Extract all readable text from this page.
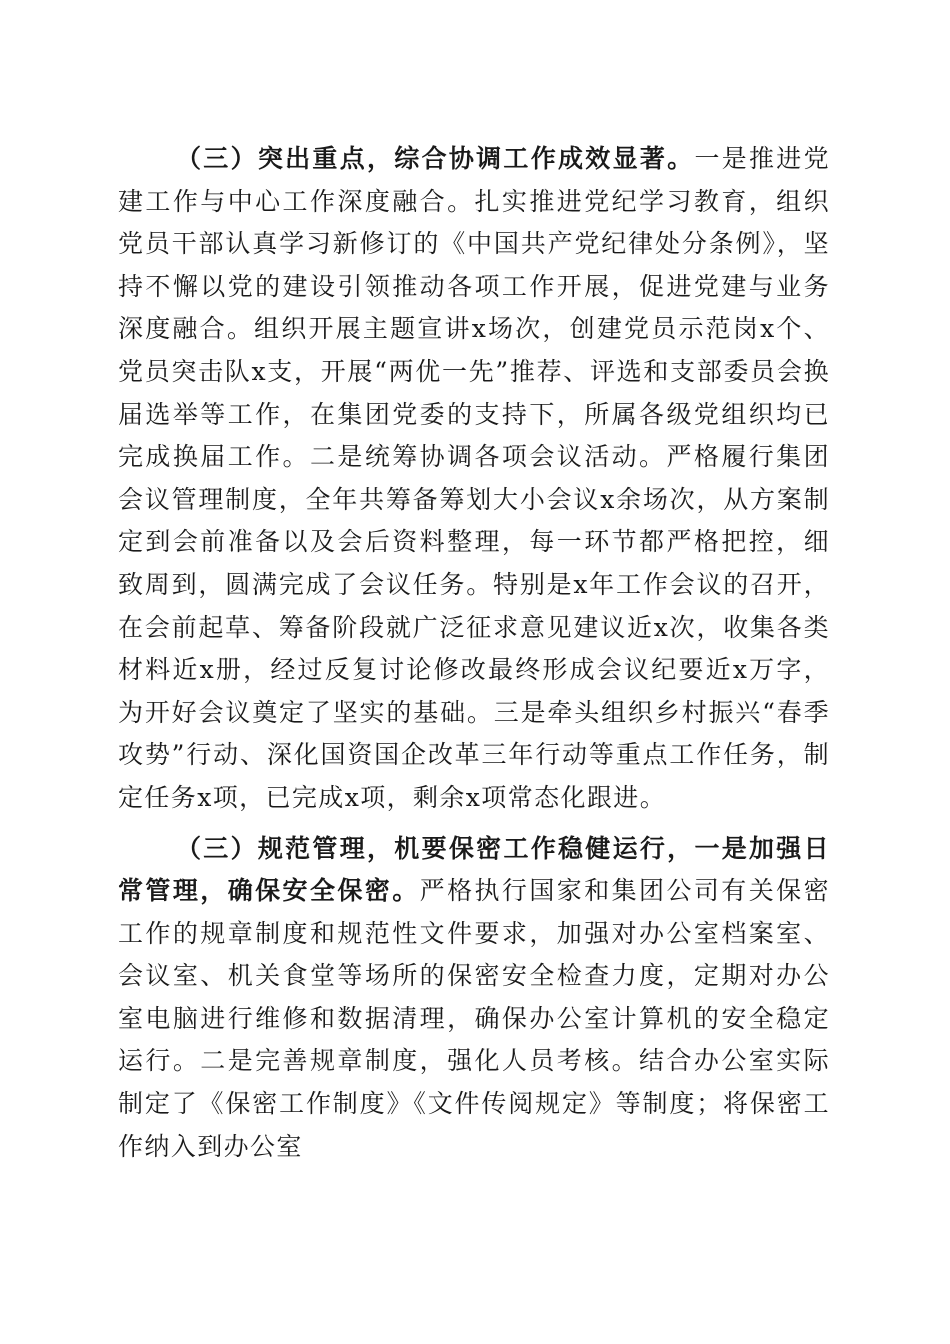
（三）突出重点，综合协调工作成效显著。一是推进党建工作与中心工作深度融合。扎实推进党纪学习教育，组织党员干部认真学习新修订的《中国共产党纪律处分条例》，坚持不懈以党的建设引领推动各项工作开展，促进党建与业务深度融合。组织开展主题宣讲x场次，创建党员示范岗x个、党员突击队x支，开展“两优一先”推荐、评选和支部委员会换届选举等工作，在集团党委的支持下，所属各级党组织均已完成换届工作。二是统筹协调各项会议活动。严格履行集团会议管理制度，全年共筹备筹划大小会议x余场次，从方案制定到会前准备以及会后资料整理，每一环节都严格把控，细致周到，圆满完成了会议任务。特别是x年工作会议的召开，在会前起草、筹备阶段就广泛征求意见建议近x次，收集各类材料近x册，经过反复讨论修改最终形成会议纪要近x万字，为开好会议奠定了坚实的基础。三是牵头组织乡村振兴“春季攻势”行动、深化国资国企改革三年行动等重点工作任务，制定任务x项，已完成x项，剩余x项常态化跟进。

（三）规范管理，机要保密工作稳健运行，一是加强日常管理，确保安全保密。严格执行国家和集团公司有关保密工作的规章制度和规范性文件要求，加强对办公室档案室、会议室、机关食堂等场所的保密安全检查力度，定期对办公室电脑进行维修和数据清理，确保办公室计算机的安全稳定运行。二是完善规章制度，强化人员考核。结合办公室实际制定了《保密工作制度》《文件传阅规定》等制度；将保密工作纳入到办公室
